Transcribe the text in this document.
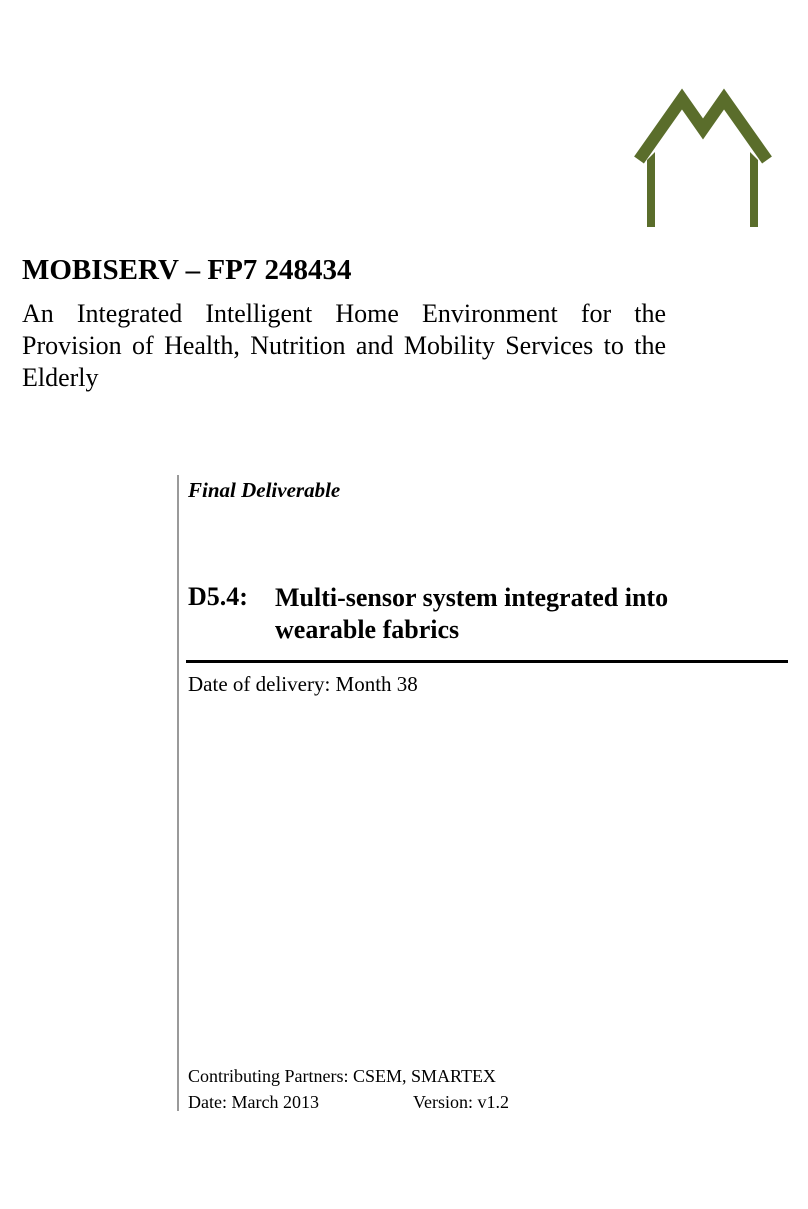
MOBISERV – FP7 248434
An Integrated Intelligent Home Environment for the
Provision of Health, Nutrition and Mobility Services to the
Elderly
Final Deliverable
D5.4: Multi-sensor system integrated into wearable fabrics
Date of delivery: Month 38
Contributing Partners: CSEM, SMARTEX
Date: March 2013	Version: v1.2
